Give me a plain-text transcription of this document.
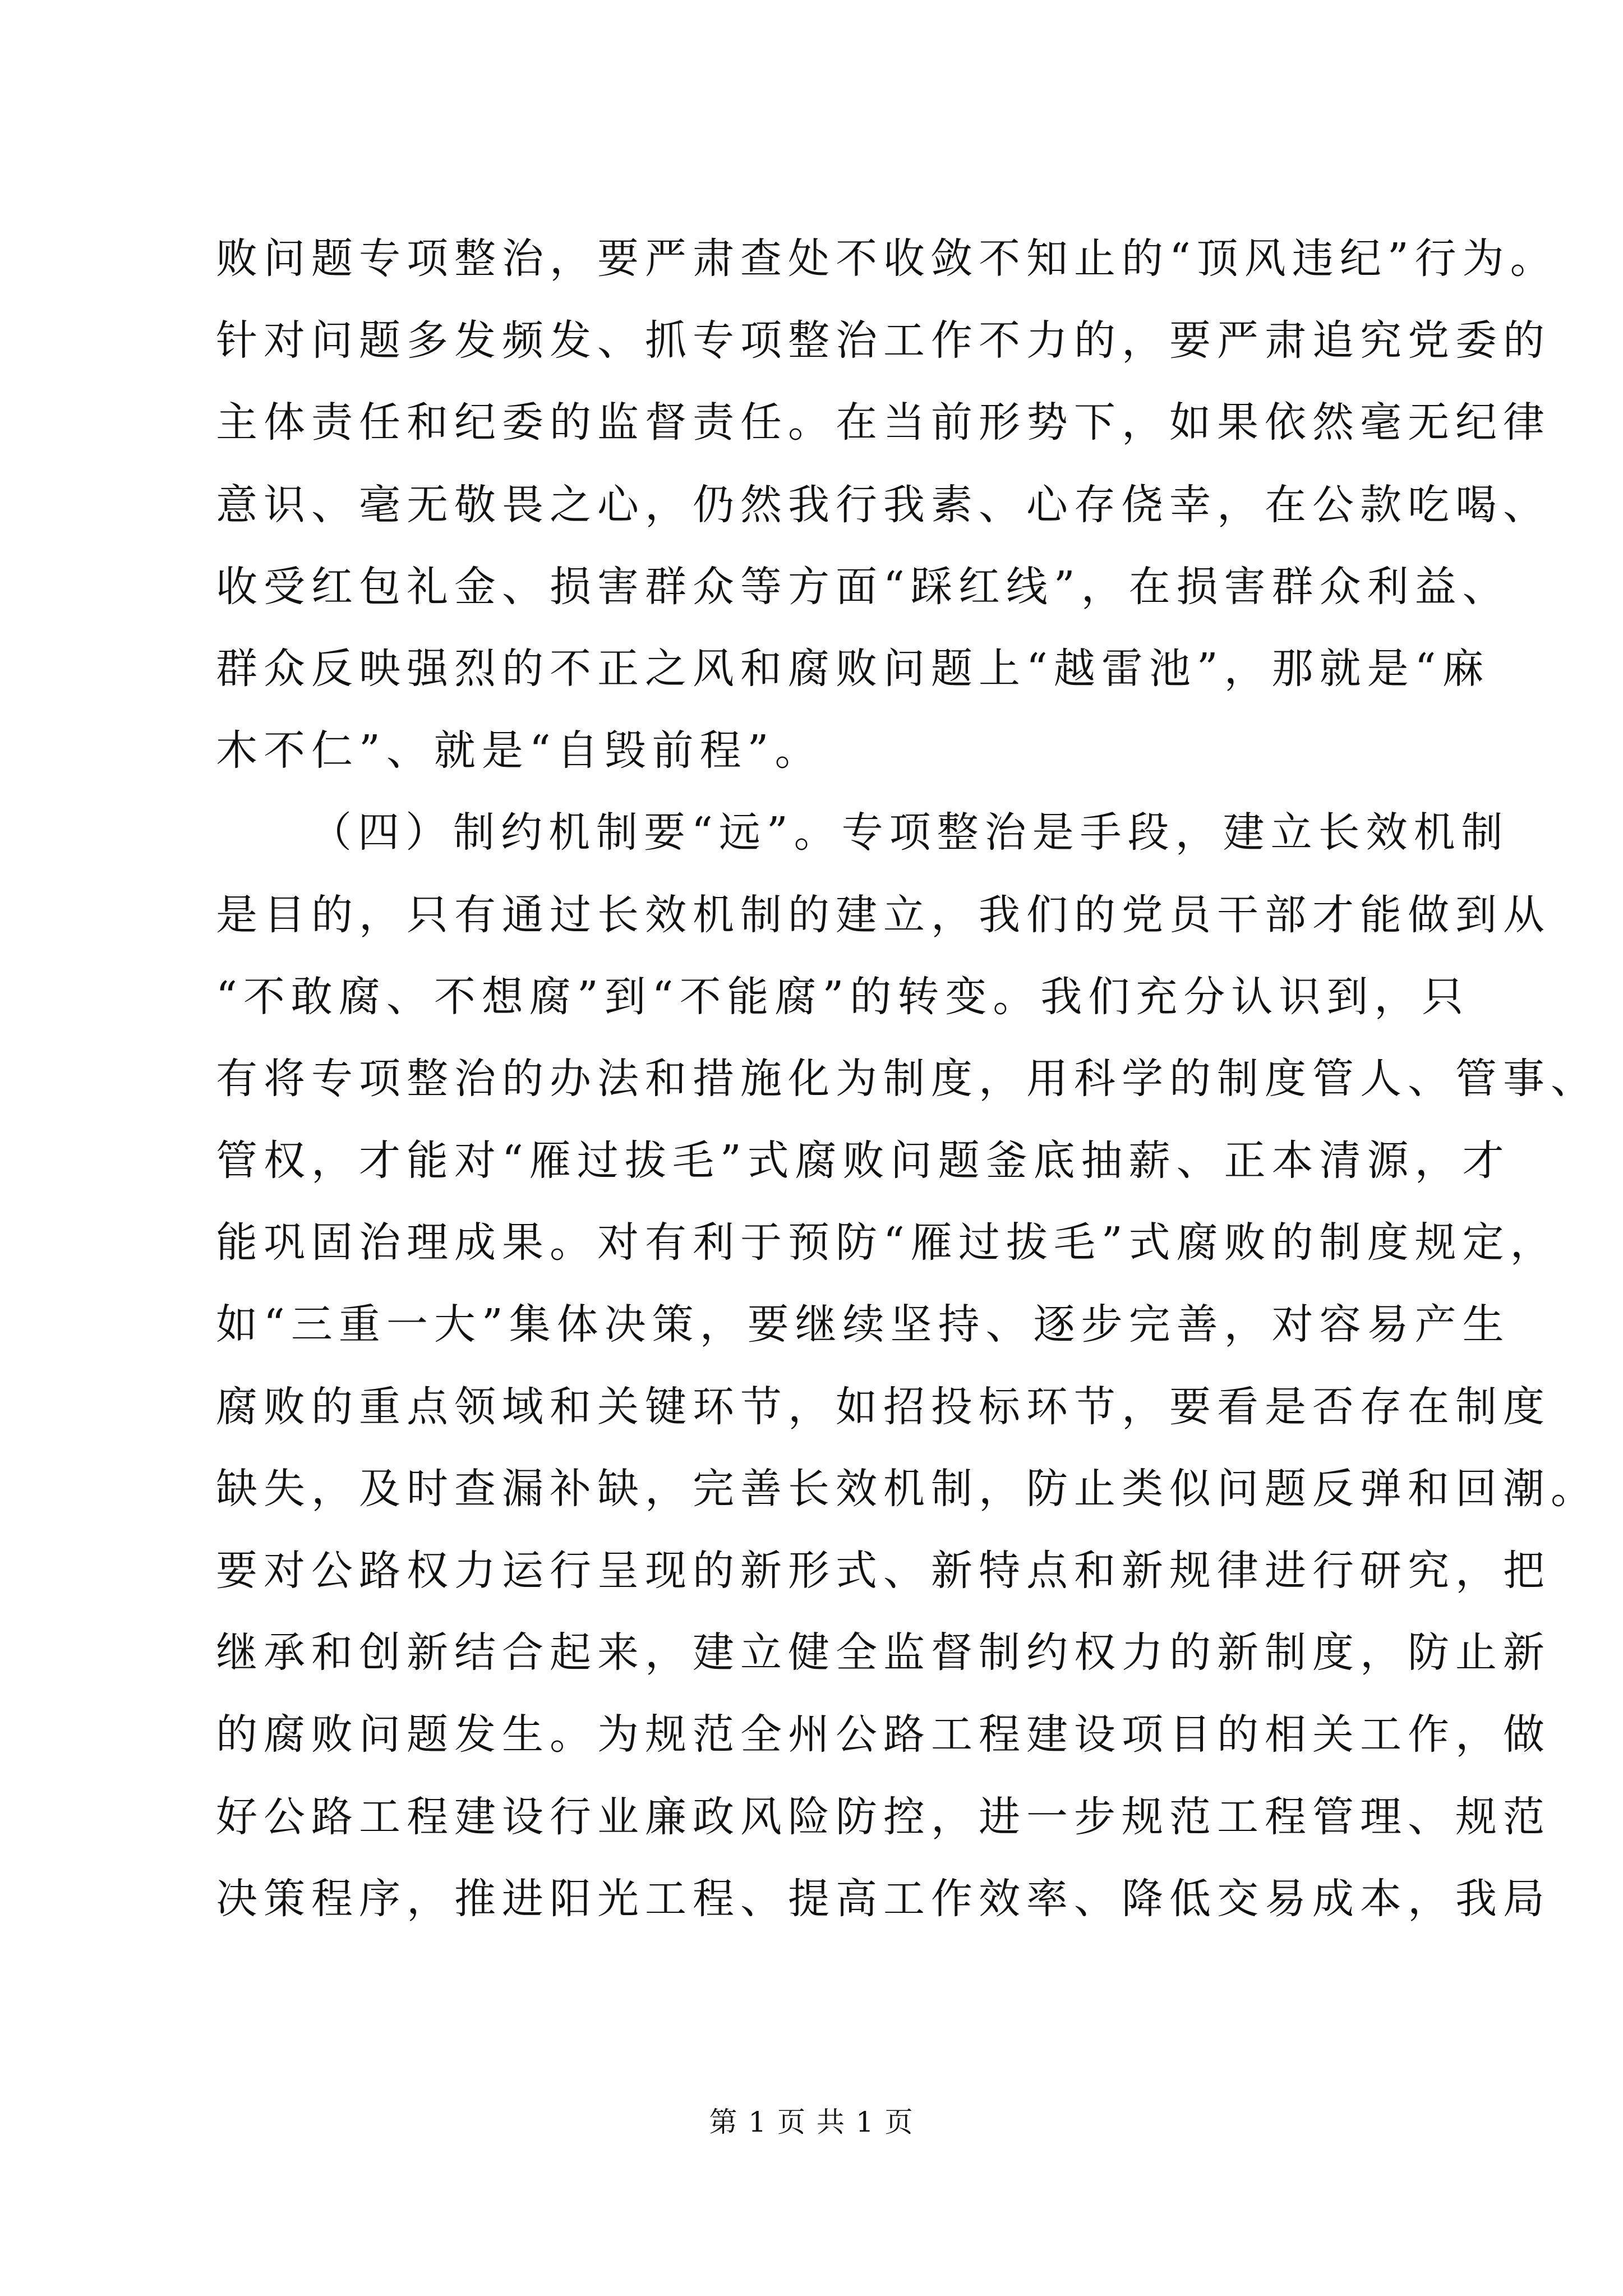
败问题专项整治，要严肃查处不收敛不知止的“顶风违纪”行为。
针对问题多发频发、抓专项整治工作不力的，要严肃追究党委的
主体责任和纪委的监督责任。在当前形势下，如果依然毫无纪律
意识、毫无敬畏之心，仍然我行我素、心存侥幸，在公款吃喝、
收受红包礼金、损害群众等方面“踩红线”，在损害群众利益、
群众反映强烈的不正之风和腐败问题上“越雷池”，那就是“麻
木不仁”、就是“自毁前程”。
（四）制约机制要“远”。专项整治是手段，建立长效机制
是目的，只有通过长效机制的建立，我们的党员干部才能做到从
“不敢腐、不想腐”到“不能腐”的转变。我们充分认识到，只
有将专项整治的办法和措施化为制度，用科学的制度管人、管事、
管权，才能对“雁过拔毛”式腐败问题釜底抽薪、正本清源，才
能巩固治理成果。对有利于预防“雁过拔毛”式腐败的制度规定，
如“三重一大”集体决策，要继续坚持、逐步完善，对容易产生
腐败的重点领域和关键环节，如招投标环节，要看是否存在制度
缺失，及时查漏补缺，完善长效机制，防止类似问题反弹和回潮。
要对公路权力运行呈现的新形式、新特点和新规律进行研究，把
继承和创新结合起来，建立健全监督制约权力的新制度，防止新
的腐败问题发生。为规范全州公路工程建设项目的相关工作，做
好公路工程建设行业廉政风险防控，进一步规范工程管理、规范
决策程序，推进阳光工程、提高工作效率、降低交易成本，我局
第 1 页 共 1 页
